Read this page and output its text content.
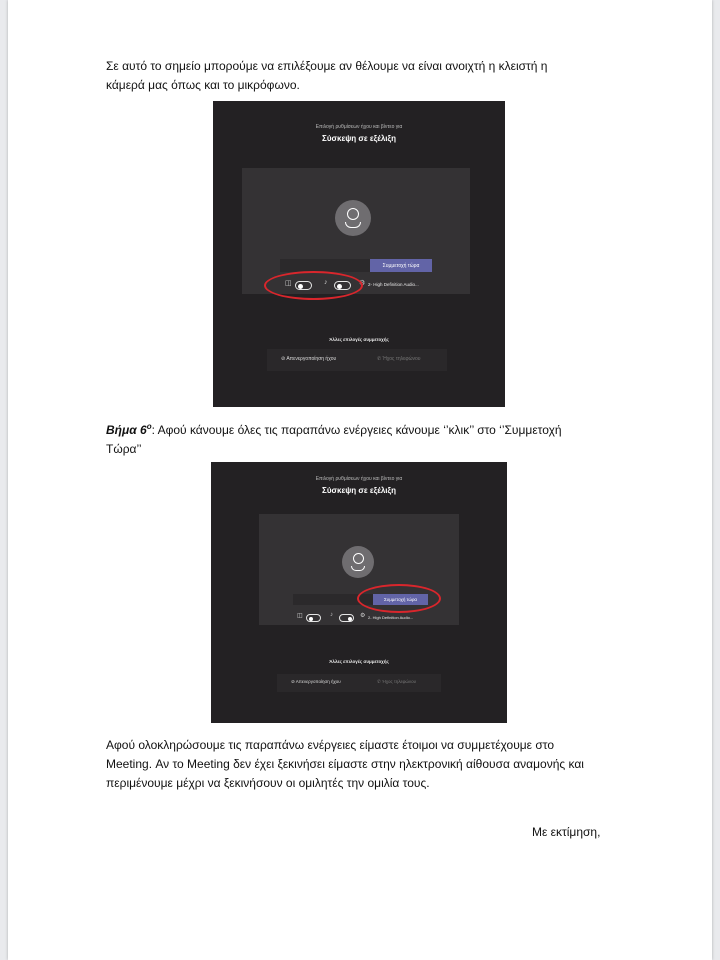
Σε αυτό το σημείο μπορούμε να επιλέξουμε αν θέλουμε να είναι ανοιχτή η κλειστή η κάμερά μας όπως και το μικρόφωνο.

Επιλογή ρυθμίσεων ήχου και βίντεο για
Σύσκεψη σε εξέλιξη
Συμμετοχή τώρα
◫	♪	⚙ 2- High Definition Audio...
Άλλες επιλογές συμμετοχής
⊘ Απενεργοποίηση ήχου	✆ Ήχος τηλεφώνου

Βήμα $6^o$: Αφού κάνουμε όλες τις παραπάνω ενέργειες κάνουμε ‘’κλικ’’ στο ‘’Συμμετοχή Τώρα’’

Επιλογή ρυθμίσεων ήχου και βίντεο για
Σύσκεψη σε εξέλιξη
Συμμετοχή τώρα
◫	♪	⚙ 2- High Definition Audio...
Άλλες επιλογές συμμετοχής
⊘ Απενεργοποίηση ήχου	✆ Ήχος τηλεφώνου

Αφού ολοκληρώσουμε τις παραπάνω ενέργειες είμαστε έτοιμοι να συμμετέχουμε στο Meeting. Αν το Meeting δεν έχει ξεκινήσει είμαστε στην ηλεκτρονική αίθουσα αναμονής και περιμένουμε μέχρι να ξεκινήσουν οι ομιλητές την ομιλία τους.

Με εκτίμηση,
